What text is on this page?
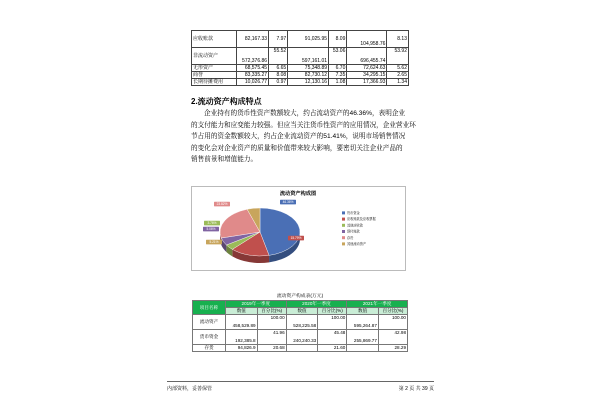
应收账款	82,167.33	7.97	91,025.95	8.09	104,958.76	8.13
非流动资产	572,376.86	55.52	597,161.01	53.06	696,455.74	53.92
无形资产	68,575.45	6.65	75,348.89	6.70	72,624.63	5.62
商誉	83,335.27	8.08	82,730.12	7.35	34,295.15	2.65
长期待摊费用	10,026.77	0.97	12,130.16	1.08	17,366.93	1.34
2.流动资产构成特点
企业持有的货币性资产数额较大，约占流动资产的46.36%，表明企业
的支付能力和应变能力较强。但应当关注货币性资产的应用情况，企业营业环
节占用的资金数额较大，约占企业流动资产的51.41%，说明市场销售情况
的变化会对企业资产的质量和价值带来较大影响，要密切关注企业产品的
销售前景和增值能力。
流动资产构成图
46.36%
15.79%
3.76%
5.06%
23.82%
5.21%
货币资金
应收账款及应收票据
其他应收款
预付账款
存货
其他流动资产
流动资产构成表(万元)
项目名称	2019年一季度		2020年一季度		2021年一季度	
	数值	百分比(%)	数值	百分比(%)	数值	百分比(%)
流动资产	458,529.89	100.00	528,225.58	100.00	595,264.87	100.00
货币资金	192,385.8	41.96	240,240.33	45.48	255,869.77	42.98
存货	94,826.9	20.68		21.60		28.29
内部资料，妥善保管	第 2 页 共 39 页
